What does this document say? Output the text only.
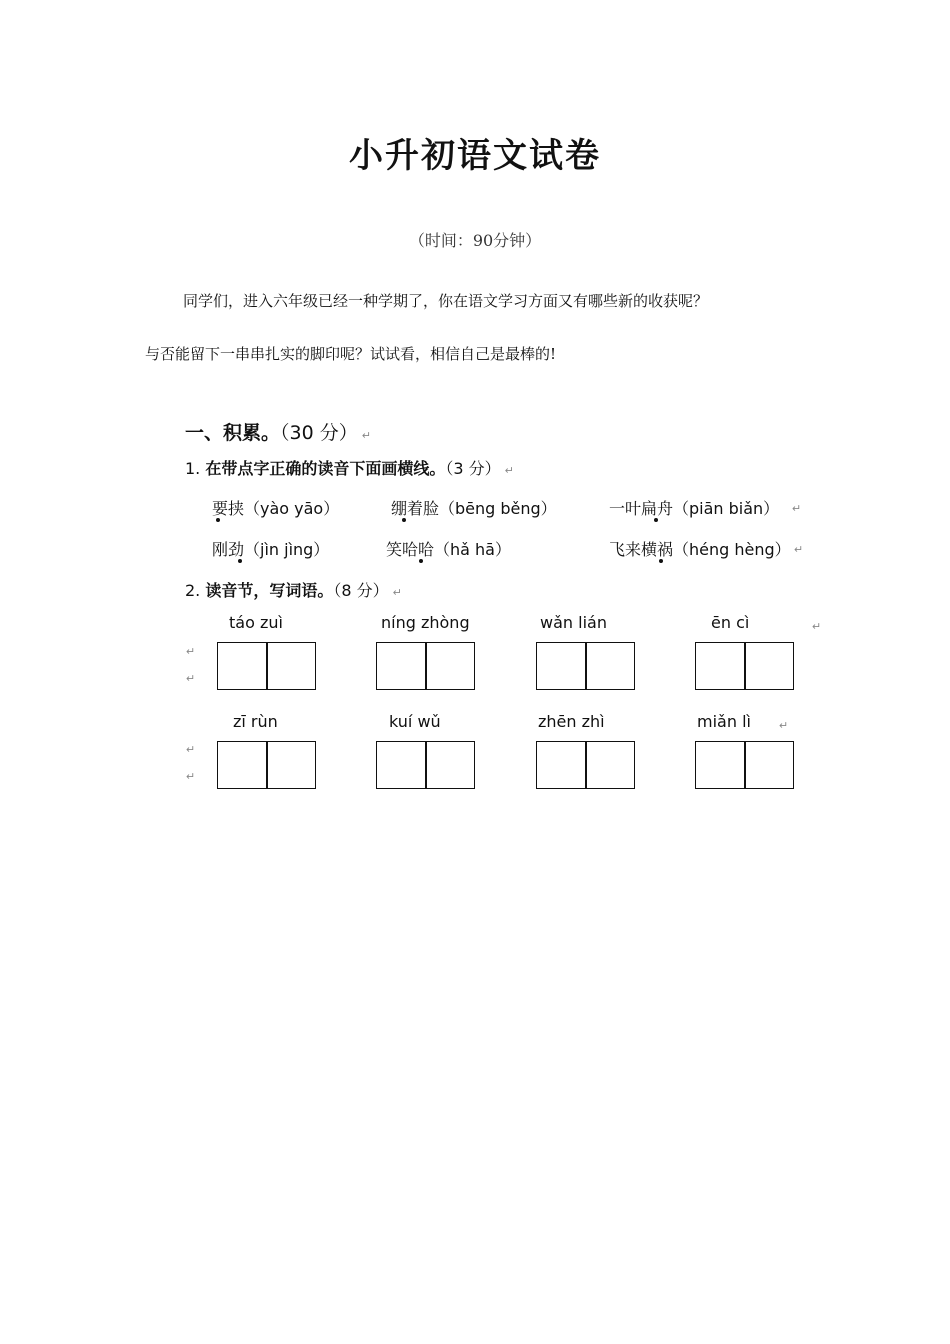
小升初语文试卷
（时间：90分钟）
同学们，进入六年级已经一种学期了，你在语文学习方面又有哪些新的收获呢？
与否能留下一串串扎实的脚印呢？试试看，相信自己是最棒的!
一、积累。（30 分） ↵
1. 在带点字正确的读音下面画横线。（3 分） ↵
要挟（yào yāo）	绷着脸（bēng běng）	一叶扁舟（piān biǎn） ↵
刚劲（jìn jìng）	笑哈哈（hǎ hā）	飞来横祸（héng hèng） ↵
2. 读音节，写词语。（8 分） ↵
táo zuì	níng zhòng	wǎn lián	ēn cì	↵
↵
↵
zī rùn	kuí wǔ	zhēn zhì	miǎn lì	↵
↵
↵
